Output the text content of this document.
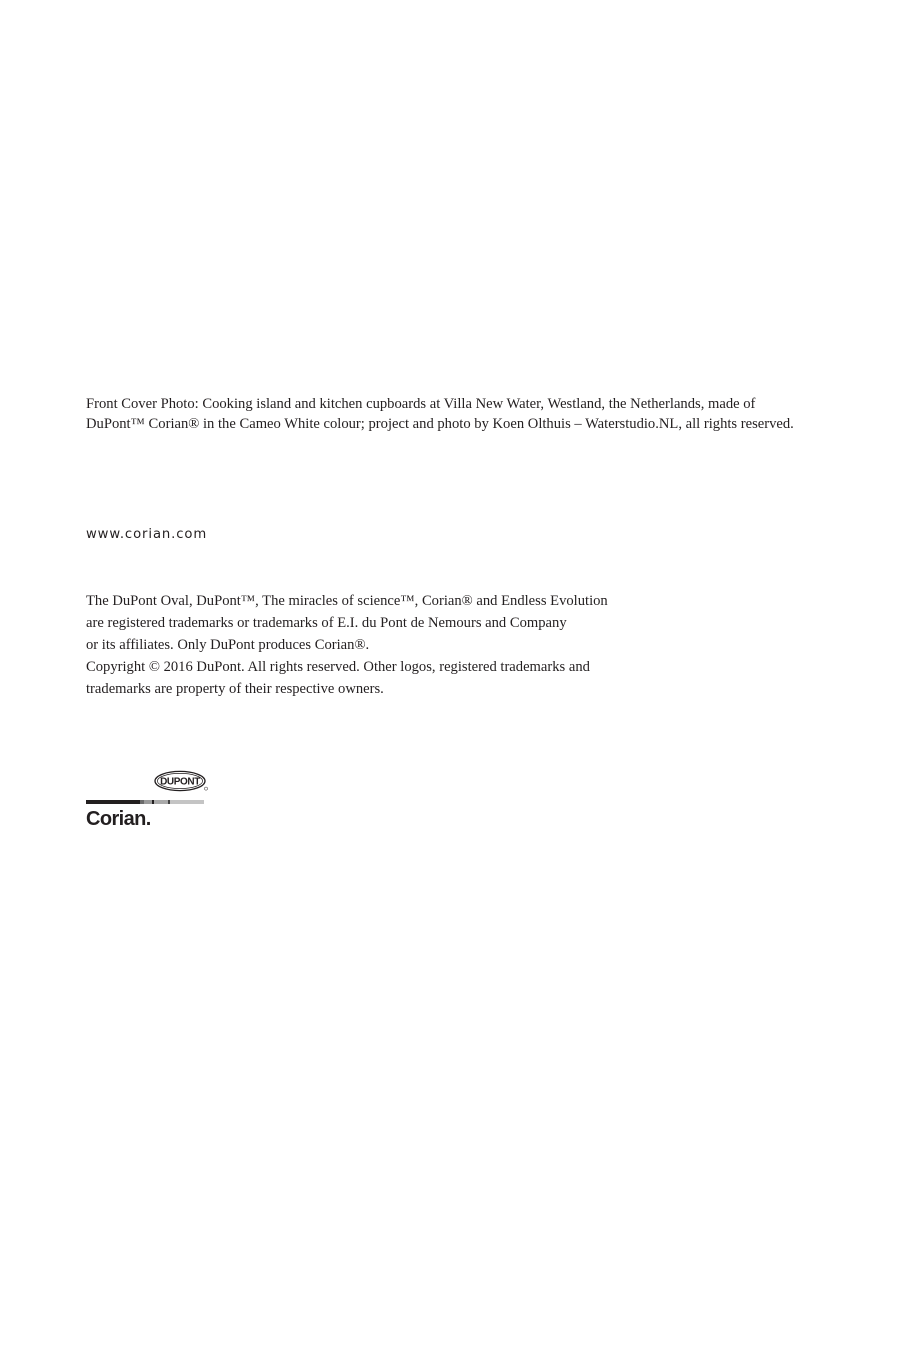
Front Cover Photo: Cooking island and kitchen cupboards at Villa New Water, Westland, the Netherlands, made of
DuPont™ Corian® in the Cameo White colour; project and photo by Koen Olthuis – Waterstudio.NL, all rights reserved.
www.corian.com
The DuPont Oval, DuPont™, The miracles of science™, Corian® and Endless Evolution
are registered trademarks or trademarks of E.I. du Pont de Nemours and Company
or its affiliates. Only DuPont produces Corian®.
Copyright © 2016 DuPont. All rights reserved. Other logos, registered trademarks and
trademarks are property of their respective owners.
DUPONT
Corian.
